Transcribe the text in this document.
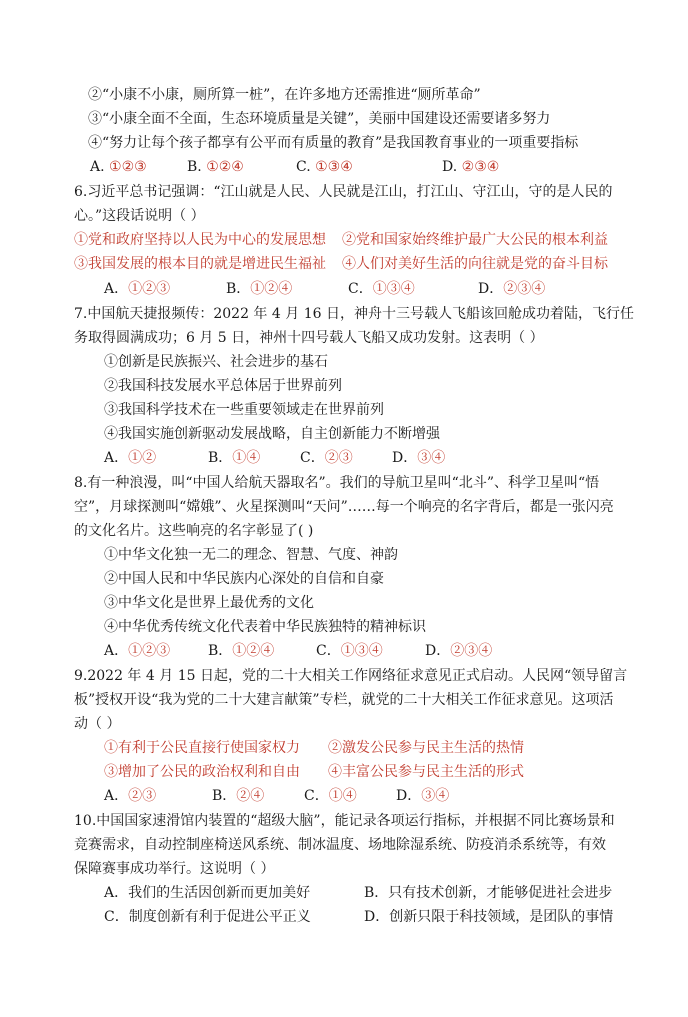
②“小康不小康，厕所算一桩”，在许多地方还需推进“厕所革命”
③“小康全面不全面，生态环境质量是关键”，美丽中国建设还需要诸多努力
④“努力让每个孩子都享有公平而有质量的教育”是我国教育事业的一项重要指标
A. ①②③	B. ①②④	C. ①③④	D. ②③④
6.习近平总书记强调：“江山就是人民、人民就是江山，打江山、守江山，守的是人民的
心。”这段话说明（ ）
①党和政府坚持以人民为中心的发展思想 ②党和国家始终维护最广大公民的根本利益
③我国发展的根本目的就是增进民生福祉 ④人们对美好生活的向往就是党的奋斗目标
A．①②③	B．①②④	C．①③④	D．②③④
7.中国航天捷报频传：2022 年 4 月 16 日，神舟十三号载人飞船该回舱成功着陆，飞行任
务取得圆满成功；6 月 5 日，神州十四号载人飞船又成功发射。这表明（ ）
①创新是民族振兴、社会进步的基石
②我国科技发展水平总体居于世界前列
③我国科学技术在一些重要领域走在世界前列
④我国实施创新驱动发展战略，自主创新能力不断增强
A．①②	B．①④	C．②③	D．③④
8.有一种浪漫，叫“中国人给航天器取名”。我们的导航卫星叫“北斗”、科学卫星叫“悟
空”，月球探测叫“嫦娥”、火星探测叫“天问”……每一个响亮的名字背后，都是一张闪亮
的文化名片。这些响亮的名字彰显了( )
①中华文化独一无二的理念、智慧、气度、神韵
②中国人民和中华民族内心深处的自信和自豪
③中华文化是世界上最优秀的文化
④中华优秀传统文化代表着中华民族独特的精神标识
A．①②③	B．①②④	C．①③④	D．②③④
9.2022 年 4 月 15 日起，党的二十大相关工作网络征求意见正式启动。人民网“领导留言
板”授权开设“我为党的二十大建言献策”专栏，就党的二十大相关工作征求意见。这项活
动（ ）
①有利于公民直接行使国家权力 ②激发公民参与民主生活的热情
③增加了公民的政治权利和自由 ④丰富公民参与民主生活的形式
A．②③	B．②④	C．①④	D．③④
10.中国国家速滑馆内装置的“超级大脑”，能记录各项运行指标，并根据不同比赛场景和
竞赛需求，自动控制座椅送风系统、制冰温度、场地除湿系统、防疫消杀系统等，有效
保障赛事成功举行。这说明（ ）
A．我们的生活因创新而更加美好	B．只有技术创新，才能够促进社会进步
C．制度创新有利于促进公平正义	D．创新只限于科技领域，是团队的事情
